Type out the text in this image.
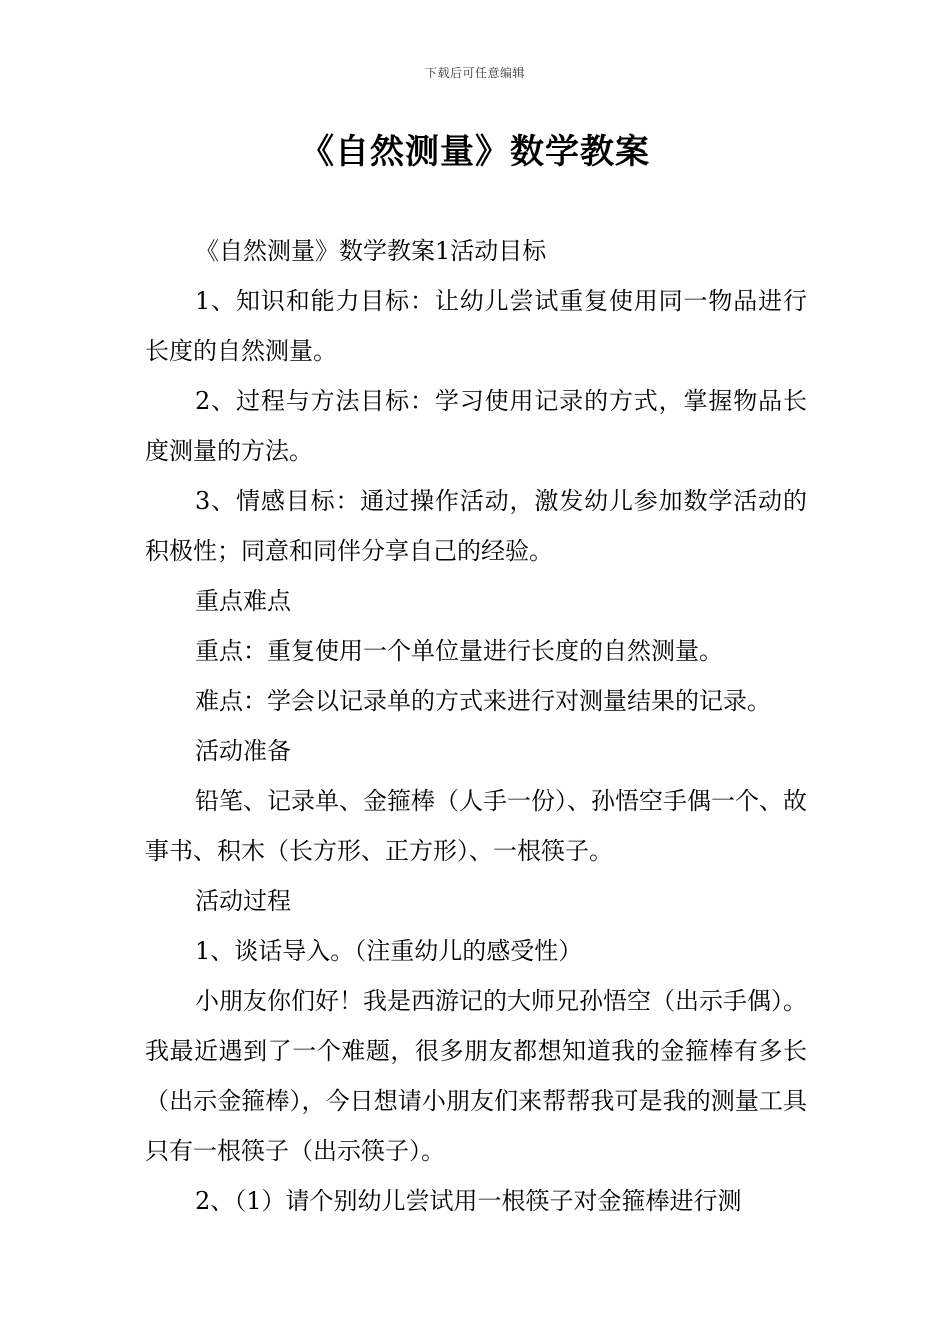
下载后可任意编辑
《自然测量》数学教案

《自然测量》数学教案1活动目标

1、知识和能力目标：让幼儿尝试重复使用同一物品进行长度的自然测量。

2、过程与方法目标：学习使用记录的方式，掌握物品长度测量的方法。

3、情感目标：通过操作活动，激发幼儿参加数学活动的积极性；同意和同伴分享自己的经验。

重点难点

重点：重复使用一个单位量进行长度的自然测量。

难点：学会以记录单的方式来进行对测量结果的记录。

活动准备

铅笔、记录单、金箍棒（人手一份）、孙悟空手偶一个、故事书、积木（长方形、正方形）、一根筷子。

活动过程

1、谈话导入。（注重幼儿的感受性）

小朋友你们好！我是西游记的大师兄孙悟空（出示手偶）。我最近遇到了一个难题，很多朋友都想知道我的金箍棒有多长（出示金箍棒），今日想请小朋友们来帮帮我可是我的测量工具只有一根筷子（出示筷子）。

2、（1）请个别幼儿尝试用一根筷子对金箍棒进行测
